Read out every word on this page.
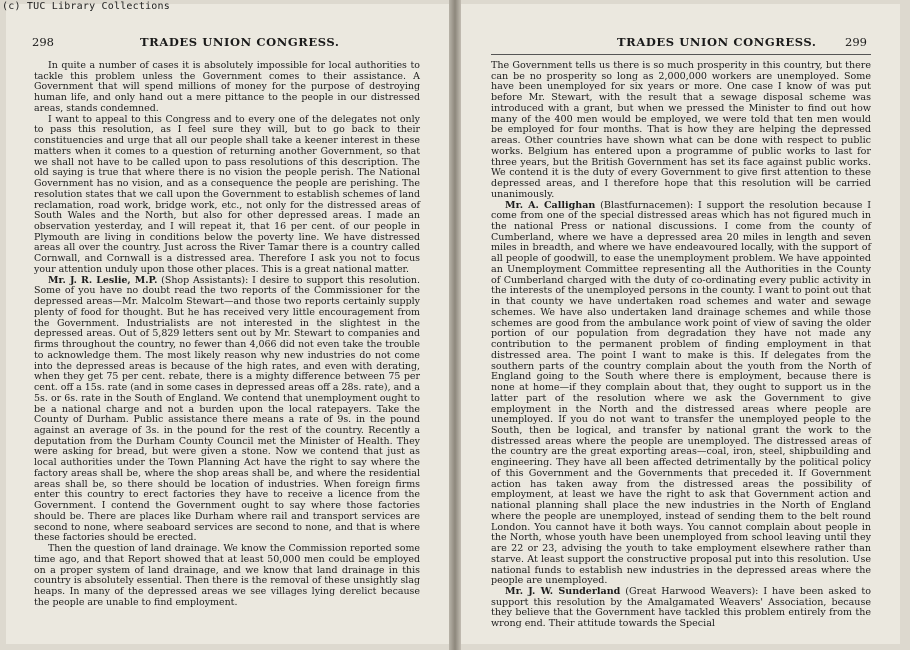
(c) TUC Library Collections
298	TRADES UNION CONGRESS.

In quite a number of cases it is absolutely impossible for local authorities to tackle this problem unless the Government comes to their assistance. A Government that will spend millions of money for the purpose of destroying human life, and only hand out a mere pittance to the people in our distressed areas, stands condemned.

I want to appeal to this Congress and to every one of the delegates not only to pass this resolution, as I feel sure they will, but to go back to their constituencies and urge that all our people shall take a keener interest in these matters when it comes to a question of returning another Government, so that we shall not have to be called upon to pass resolutions of this description. The old saying is true that where there is no vision the people perish. The National Government has no vision, and as a consequence the people are perishing. The resolution states that we call upon the Government to establish schemes of land reclamation, road work, bridge work, etc., not only for the distressed areas of South Wales and the North, but also for other depressed areas. I made an observation yesterday, and I will repeat it, that 16 per cent. of our people in Plymouth are living in conditions below the poverty line. We have distressed areas all over the country. Just across the River Tamar there is a country called Cornwall, and Cornwall is a distressed area. Therefore I ask you not to focus your attention unduly upon those other places. This is a great national matter.

Mr. J. R. Leslie, M.P. (Shop Assistants): I desire to support this resolution. Some of you have no doubt read the two reports of the Commissioner for the depressed areas—Mr. Malcolm Stewart—and those two reports certainly supply plenty of food for thought. But he has received very little encouragement from the Government. Industrialists are not interested in the slightest in the depressed areas. Out of 5,829 letters sent out by Mr. Stewart to companies and firms throughout the country, no fewer than 4,066 did not even take the trouble to acknowledge them. The most likely reason why new industries do not come into the depressed areas is because of the high rates, and even with derating, when they get 75 per cent. rebate, there is a mighty difference between 75 per cent. off a 15s. rate (and in some cases in depressed areas off a 28s. rate), and a 5s. or 6s. rate in the South of England. We contend that unemployment ought to be a national charge and not a burden upon the local ratepayers. Take the County of Durham. Public assistance there means a rate of 9s. in the pound against an average of 3s. in the pound for the rest of the country. Recently a deputation from the Durham County Council met the Minister of Health. They were asking for bread, but were given a stone. Now we contend that just as local authorities under the Town Planning Act have the right to say where the factory areas shall be, where the shop areas shall be, and where the residential areas shall be, so there should be location of industries. When foreign firms enter this country to erect factories they have to receive a licence from the Government. I contend the Government ought to say where those factories should be. There are places like Durham where rail and transport services are second to none, where seaboard services are second to none, and that is where these factories should be erected.

Then the question of land drainage. We know the Commission reported some time ago, and that Report showed that at least 50,000 men could be employed on a proper system of land drainage, and we know that land drainage in this country is absolutely essential. Then there is the removal of these unsightly slag heaps. In many of the depressed areas we see villages lying derelict because the people are unable to find employment.

TRADES UNION CONGRESS. 299

The Government tells us there is so much prosperity in this country, but there can be no prosperity so long as 2,000,000 workers are unemployed. Some have been unemployed for six years or more. One case I know of was put before Mr. Stewart, with the result that a sewage disposal scheme was introduced with a grant, but when we pressed the Minister to find out how many of the 400 men would be employed, we were told that ten men would be employed for four months. That is how they are helping the depressed areas. Other countries have shown what can be done with respect to public works. Belgium has entered upon a programme of public works to last for three years, but the British Government has set its face against public works. We contend it is the duty of every Government to give first attention to these depressed areas, and I therefore hope that this resolution will be carried unanimously.

Mr. A. Callighan (Blastfurnacemen): I support the resolution because I come from one of the special distressed areas which has not figured much in the national Press or national discussions. I come from the county of Cumberland, where we have a depressed area 20 miles in length and seven miles in breadth, and where we have endeavoured locally, with the support of all people of goodwill, to ease the unemployment problem. We have appointed an Unemployment Committee representing all the Authorities in the County of Cumberland charged with the duty of co-ordinating every public activity in the interests of the unemployed persons in the county. I want to point out that in that county we have undertaken road schemes and water and sewage schemes. We have also undertaken land drainage schemes and while those schemes are good from the ambulance work point of view of saving the older portion of our population from degradation they have not made any contribution to the permanent problem of finding employment in that distressed area. The point I want to make is this. If delegates from the southern parts of the country complain about the youth from the North of England going to the South where there is employment, because there is none at home—if they complain about that, they ought to support us in the latter part of the resolution where we ask the Government to give employment in the North and the distressed areas where people are unemployed. If you do not want to transfer the unemployed people to the South, then be logical, and transfer by national grant the work to the distressed areas where the people are unemployed. The distressed areas of the country are the great exporting areas—coal, iron, steel, shipbuilding and engineering. They have all been affected detrimentally by the political policy of this Government and the Governments that preceded it. If Government action has taken away from the distressed areas the possibility of employment, at least we have the right to ask that Government action and national planning shall place the new industries in the North of England where the people are unemployed, instead of sending them to the belt round London. You cannot have it both ways. You cannot complain about people in the North, whose youth have been unemployed from school leaving until they are 22 or 23, advising the youth to take employment elsewhere rather than starve. At least support the constructive proposal put into this resolution. Use national funds to establish new industries in the depressed areas where the people are unemployed.

Mr. J. W. Sunderland (Great Harwood Weavers): I have been asked to support this resolution by the Amalgamated Weavers' Association, because they believe that the Government have tackled this problem entirely from the wrong end. Their attitude towards the Special
